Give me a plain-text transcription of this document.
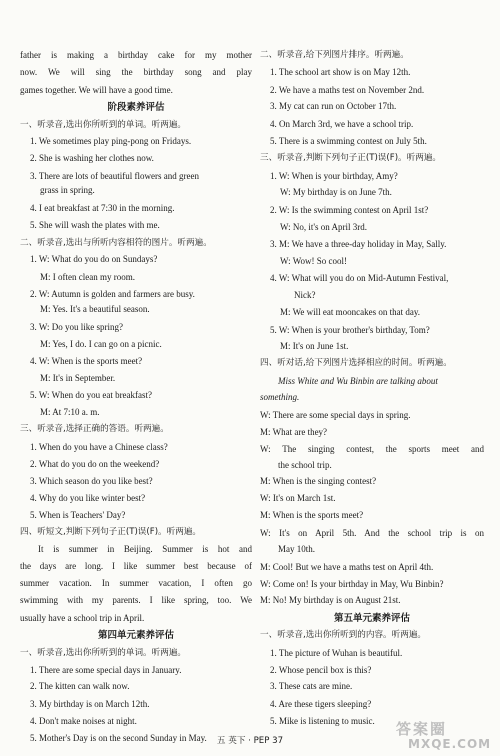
father is making a birthday cake for my mother
now. We will sing the birthday song and play
games together. We will have a good time.
阶段素养评估
一、听录音,选出你所听到的单词。听两遍。
1. We sometimes play ping-pong on Fridays.
2. She is washing her clothes now.
3. There are lots of beautiful flowers and green
grass in spring.
4. I eat breakfast at 7:30 in the morning.
5. She will wash the plates with me.
二、听录音,选出与所听内容相符的图片。听两遍。
1. W: What do you do on Sundays?
M: I often clean my room.
2. W: Autumn is golden and farmers are busy.
M: Yes. It's a beautiful season.
3. W: Do you like spring?
M: Yes, I do. I can go on a picnic.
4. W: When is the sports meet?
M: It's in September.
5. W: When do you eat breakfast?
M: At 7:10 a. m.
三、听录音,选择正确的答语。听两遍。
1. When do you have a Chinese class?
2. What do you do on the weekend?
3. Which season do you like best?
4. Why do you like winter best?
5. When is Teachers' Day?
四、听短文,判断下列句子正(T)误(F)。听两遍。
It is summer in Beijing. Summer is hot and
the days are long. I like summer best because of
summer vacation. In summer vacation, I often go
swimming with my parents. I like spring, too. We
usually have a school trip in April.
第四单元素养评估
一、听录音,选出你所听到的单词。听两遍。
1. There are some special days in January.
2. The kitten can walk now.
3. My birthday is on March 12th.
4. Don't make noises at night.
5. Mother's Day is on the second Sunday in May.
二、听录音,给下列图片排序。听两遍。
1. The school art show is on May 12th.
2. We have a maths test on November 2nd.
3. My cat can run on October 17th.
4. On March 3rd, we have a school trip.
5. There is a swimming contest on July 5th.
三、听录音,判断下列句子正(T)误(F)。听两遍。
1. W: When is your birthday, Amy?
W: My birthday is on June 7th.
2. W: Is the swimming contest on April 1st?
W: No, it's on April 3rd.
3. M: We have a three-day holiday in May, Sally.
W: Wow! So cool!
4. W: What will you do on Mid-Autumn Festival,
Nick?
M: We will eat mooncakes on that day.
5. W: When is your brother's birthday, Tom?
M: It's on June 1st.
四、听对话,给下列图片选择相应的时间。听两遍。
Miss White and Wu Binbin are talking about
something.
W: There are some special days in spring.
M: What are they?
W: The singing contest, the sports meet and
the school trip.
M: When is the singing contest?
W: It's on March 1st.
M: When is the sports meet?
W: It's on April 5th. And the school trip is on
May 10th.
M: Cool! But we have a maths test on April 4th.
W: Come on! Is your birthday in May, Wu Binbin?
M: No! My birthday is on August 21st.
第五单元素养评估
一、听录音,选出你所听到的内容。听两遍。
1. The picture of Wuhan is beautiful.
2. Whose pencil box is this?
3. These cats are mine.
4. Are these tigers sleeping?
5. Mike is listening to music.
五 英下 · PEP 37
答案圈
MXQE.COM
